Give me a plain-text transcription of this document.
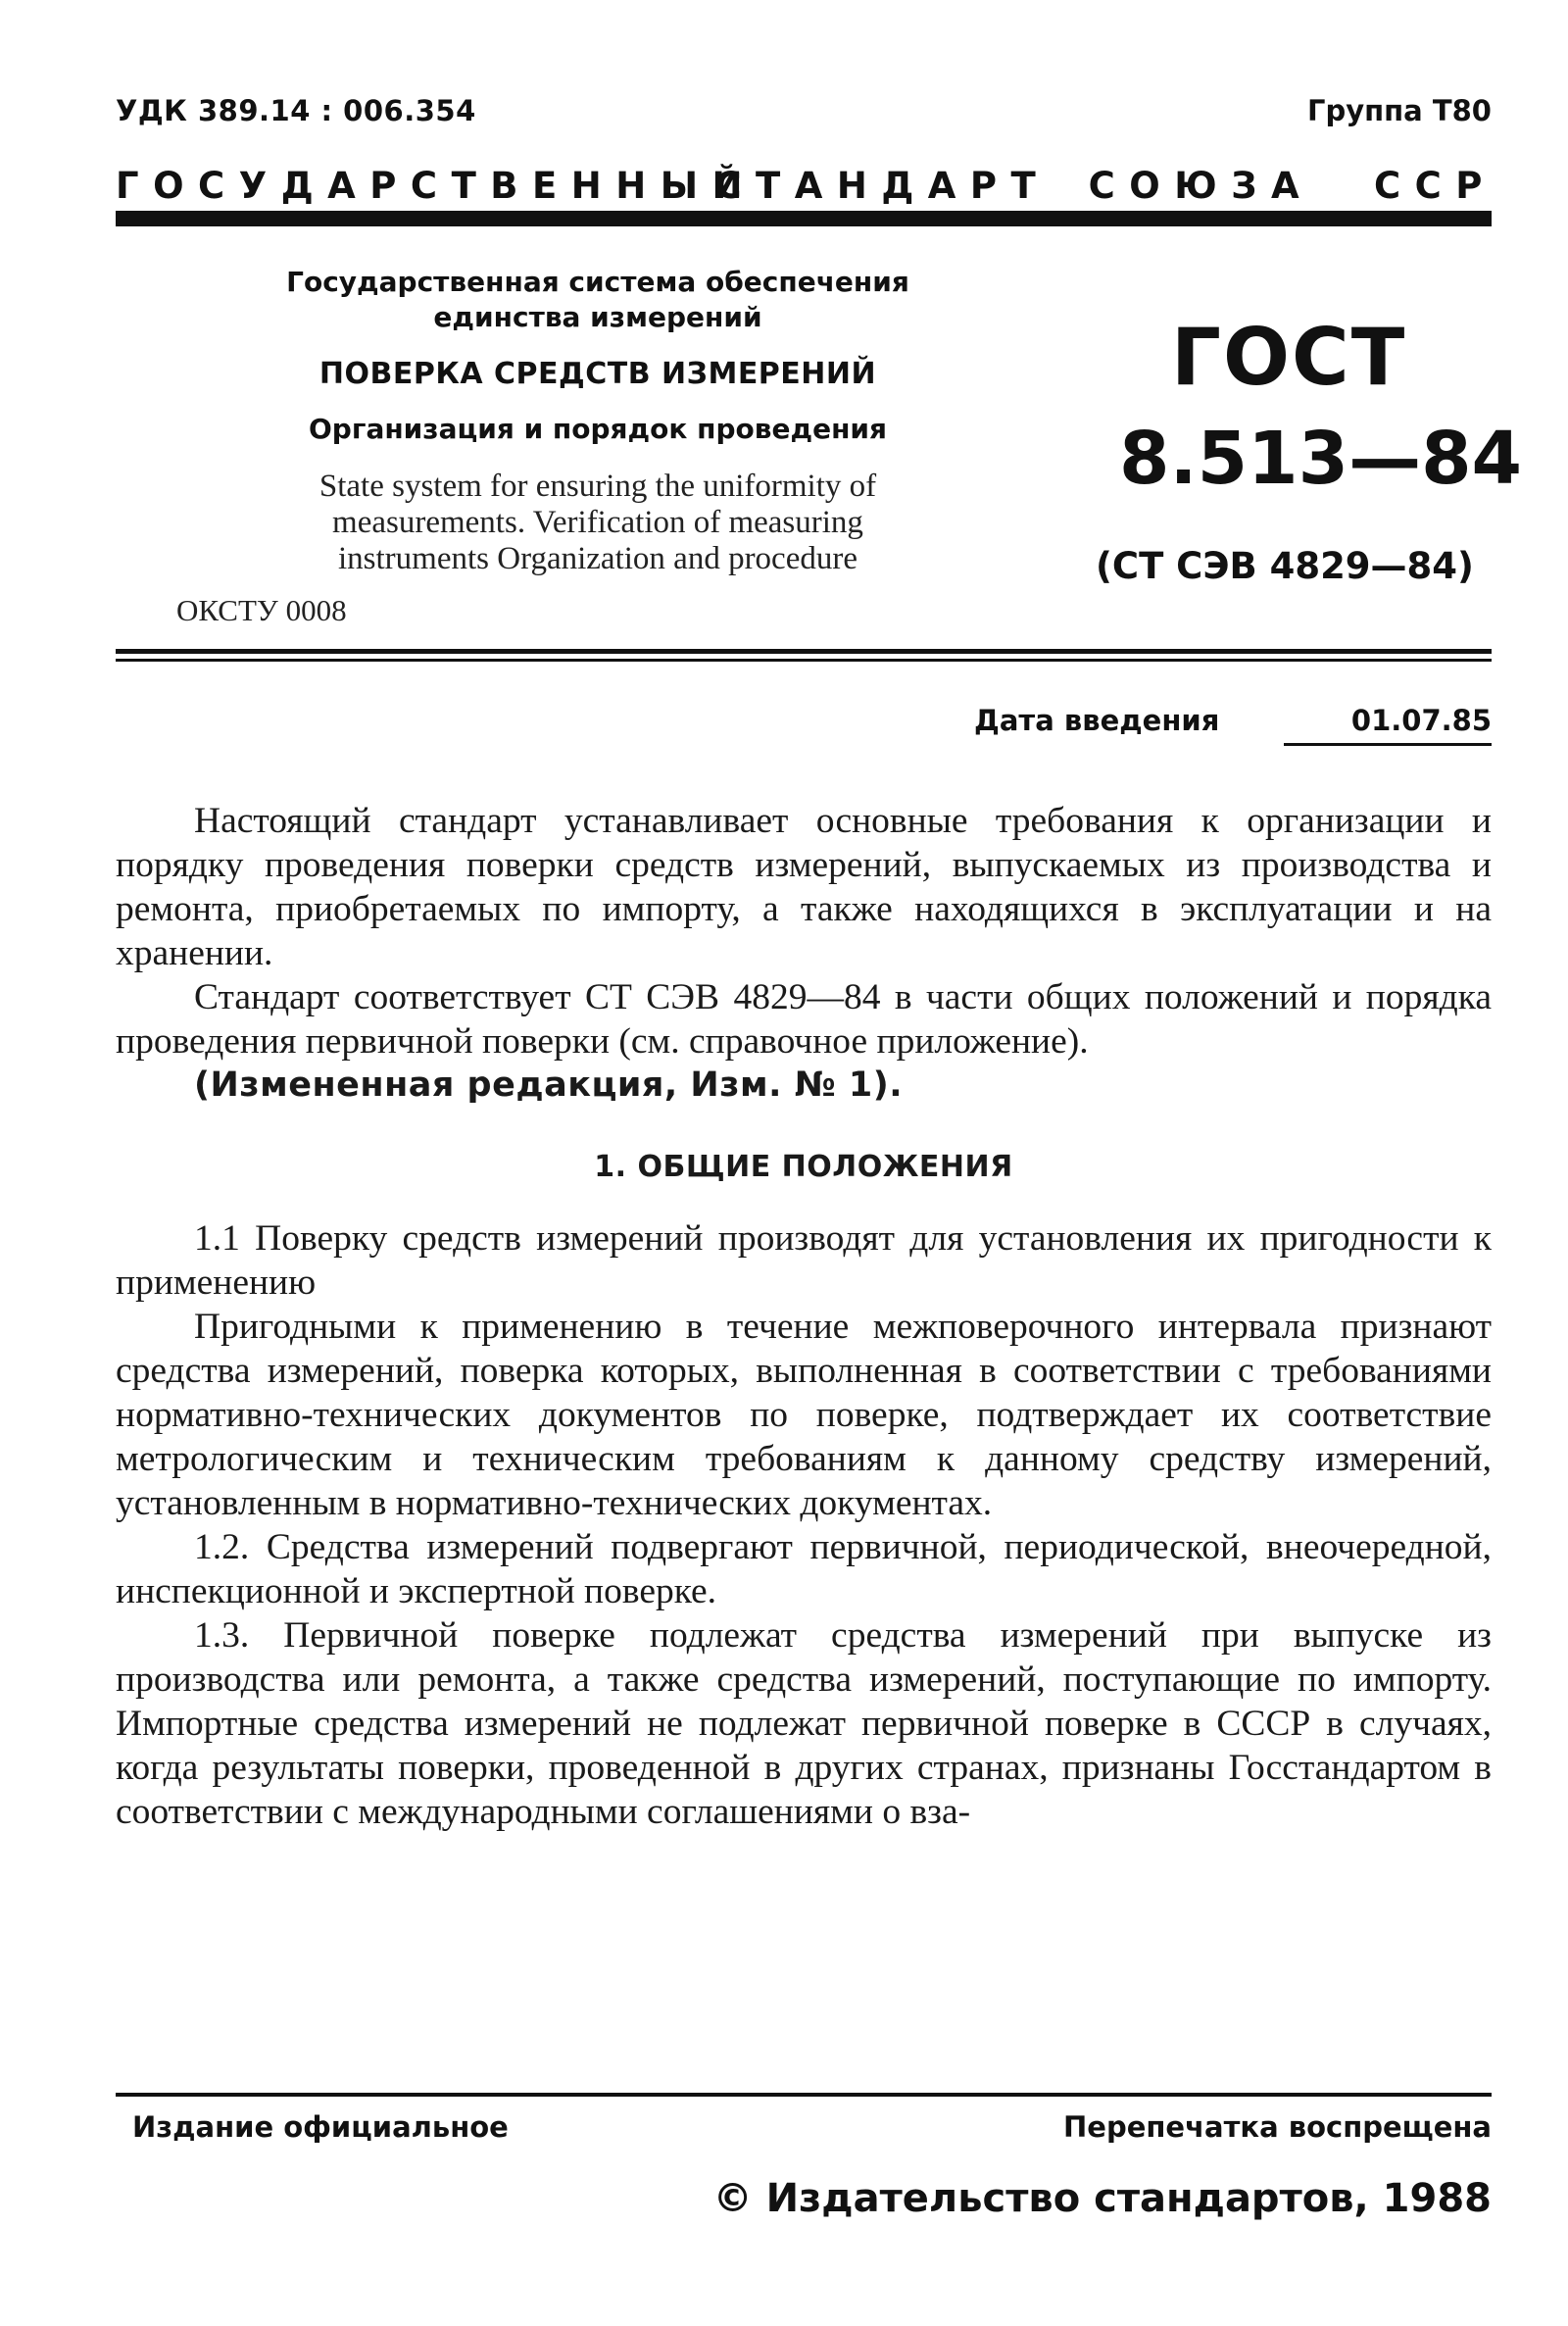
УДК 389.14 : 006.354	Группа Т80
ГОСУДАРСТВЕННЫЙ
СТАНДАРТ СОЮЗА ССР
Государственная система обеспечения
единства измерений
ПОВЕРКА СРЕДСТВ ИЗМЕРЕНИЙ
Организация и порядок проведения
State system for ensuring the uniformity of
measurements. Verification of measuring
instruments Organization and procedure
ОКСТУ 0008
ГОСТ
8.513—84
(СТ СЭВ 4829—84)
Дата введения	01.07.85

Настоящий стандарт устанавливает основные требования к организации и порядку проведения поверки средств измерений, выпускаемых из производства и ремонта, приобретаемых по импорту, а также находящихся в эксплуатации и на хранении.

Стандарт соответствует СТ СЭВ 4829—84 в части общих положений и порядка проведения первичной поверки (см. справочное приложение).

(Измененная редакция, Изм. № 1).

1. ОБЩИЕ ПОЛОЖЕНИЯ

1.1 Поверку средств измерений производят для установления их пригодности к применению

Пригодными к применению в течение межповерочного интервала признают средства измерений, поверка которых, выполненная в соответствии с требованиями нормативно-технических документов по поверке, подтверждает их соответствие метрологическим и техническим требованиям к данному средству измерений, установленным в нормативно-технических документах.

1.2. Средства измерений подвергают первичной, периодической, внеочередной, инспекционной и экспертной поверке.

1.3. Первичной поверке подлежат средства измерений при выпуске из производства или ремонта, а также средства измерений, поступающие по импорту. Импортные средства измерений не подлежат первичной поверке в СССР в случаях, когда результаты поверки, проведенной в других странах, признаны Госстандартом в соответствии с международными соглашениями о вза-

Издание официальное	Перепечатка воспрещена
© Издательство стандартов, 1988
